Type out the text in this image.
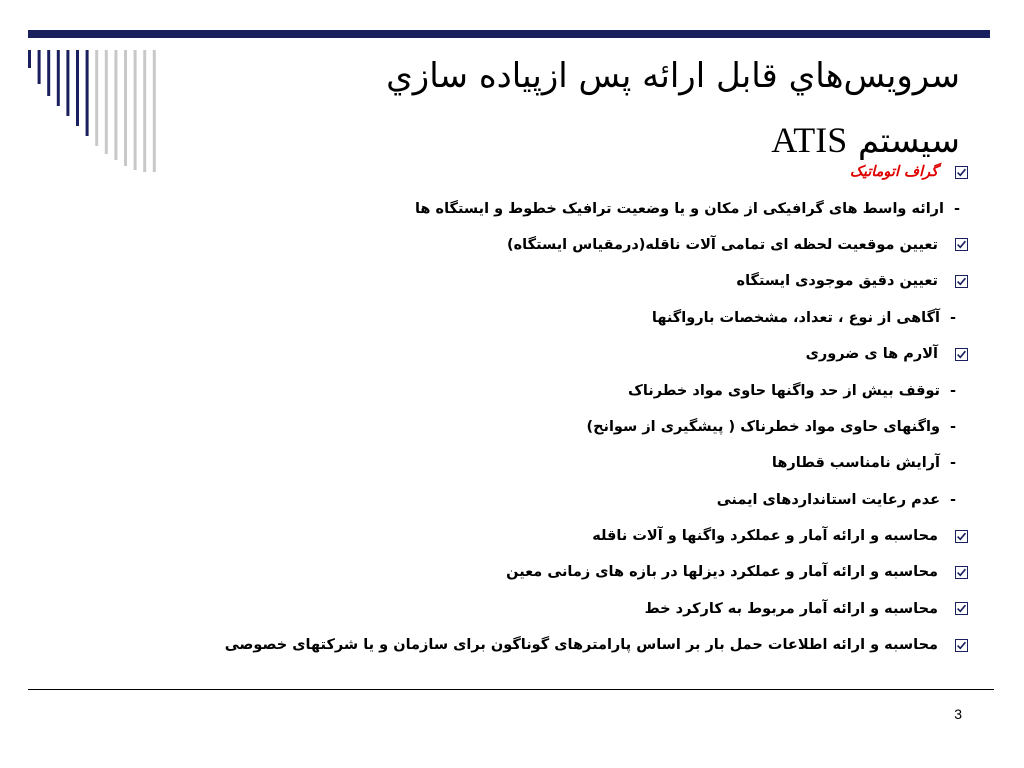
سرويس‌هاي قابل ارائه پس ازپياده سازي
سيستم ATIS
گراف اتوماتیک
-
ارائه واسط های گرافیکی از مکان و یا وضعیت ترافیک خطوط و ایستگاه ها
تعیین موقعیت لحظه ای تمامی آلات ناقله(درمقیاس ایستگاه)
تعیین دقیق موجودی ایستگاه
-
آگاهی از نوع ، تعداد، مشخصات باروا‌گنها
آلارم ها ی ضروری
-
توقف بیش از حد واگنها حاوی مواد خطرناک
-
واگنهای حاوی مواد خطرناک ( پیشگیری از سوانح)
-
آرایش نامناسب قطارها
-
عدم رعایت استانداردهای ایمنی
محاسبه و ارائه آمار و عملکرد واگنها و آلات ناقله
محاسبه و ارائه آمار و عملکرد دیزلها در بازه های زمانی معین
محاسبه و ارائه آمار مربوط به کارکرد خط
محاسبه و ارائه اطلاعات حمل بار بر اساس پارامترهای گوناگون برای سازمان و یا شرکتهای خصوصی
3
